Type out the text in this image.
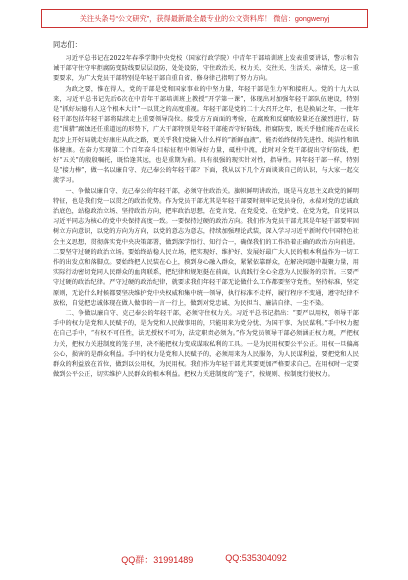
关注头条号“公文研究”，获得最新最全最专业的公文资料库！ 微信：gongwenyj

同志们：

习近平总书记在2022年春季学期中央党校（国家行政学院）中青年干部培训班上发表重要讲话，警示和告诫干部守住守牢拒腐防变防线要层层设防，处处设防，守住政治关、权力关、交往关、生活关、亲情关，这一重要要求，为广大党员干部特别是年轻干部自重自省、修身律己指明了努力方向。

为政之要，惟在得人，党的干部是党和国家事业的中坚力量，年轻干部是生力军和接班人。党的十九大以来，习近平总书记先后6次在中青年干部培训班上教授“开学第一课”，体现出对加强年轻干部队伍建设，特别是“抓好坛德有人这个根本大计”一以贯之的高度重视。年轻干部是党的二十大召开之年，也是换届之年，一批年轻干部包括年轻干部将陆续走上重要领导岗位。接受方方面面的考验，在腐败和反腐败较量还在激烈进行，防范“围猎”腐蚀还任重道远的形势下，广大干部特别是年轻干部能否守好防线，拒腐防变，既关乎他们能否在成长起步上开好局就走好康庄从政之路，更关乎我们党输入什么样的“新鲜血液”，能否始终保持先进性、纯洁性和肌体健康。在奋力实现第二个百年奋斗目标征程中领导好力量，砥柱中流，此时对全党干部提出守好防线，把好“五关”的殷殷嘱托，既恰逢其远，也是重期为前。具有很强的现实针对性，指导性。同年轻干部一样，特别是“接力棒”，做一名以廉自守、克己奉公的年轻干部？下面，我从以下几个方面谈谈自己的认识，与大家一起交流学习。

一、争做以廉自守、克己奉公的年轻干部，必须守住政治关。旗帜鲜明讲政治，既是马克思主义政党的鲜明特征，也是我们党一以贯之的政治优势。作为党员干部尤其是年轻干部要时刻牢记党员身份，永葆对党的忠诚政治底色，站稳政治立场、坚持政治方向，把牢政治思想，在党言党、在党爱党、在党护党、在党为党，自觉同以习近平同志为核心的党中央保持高度一致。一要保持过硬的政治方向。我们作为党员干部尤其是年轻干部要牢固树立方向意识，以党的方向为方向，以党的意志为意志，持续加强理论武装，深入学习习近平新时代中国特色社会主义思想，贯彻落实党中央决策部署，做到深学悟行、知行合一，确保我们的工作沿着正确的政治方向前进。二要坚守过硬的政治立场。要始终站稳人民立场，把实现好、维护好、发展好最广大人民的根本利益作为一切工作的出发点和落脚点。要始终把人民装在心上，摸到身心融入群众，紧紧依靠群众，在解决问题中凝聚力量，用实际行动密切党同人民群众的血肉联系，把纪律和规矩挺在前面，认真践行全心全意为人民服务的宗旨。三要严守过硬的政治纪律。严守过硬的政治纪律，就要求我们年轻干部无论做什么工作都要坚守党性，坚持标准，坚定原则，无论什么时候都要坚决维护党中央权威和集中统一领导，执行标准不走样，履行程序不变通，遵守纪律不放松，自觉把忠诚体现在做人做事的一言一行上，做到对党忠诚、为民担当、廉洁自律、一尘不染。

二、争做以廉自守、克己奉公的年轻干部，必须守住权力关。习近平总书记指出：“要严以用权，领导干部手中的权力是党和人民赋予的，是为党和人民做事用的，只能用来为党分忧、为国干事、为民谋利。”手中权力握在自己手中，“有权不可任性，法无授权不可为，法定职责必须为。”作为党员领导干部必须涵正权力观，严把权力关，把权力关进制度的笼子里，决不能把权力变成谋取私利的工具。一是为民用权要公平公正。用权一旦偏离公心，损害的是群众利益。手中的权力是党和人民赋予的，必须用来为人民服务，为人民谋利益，要把党和人民群众的利益放在首位，做到以公用权，为民用权。我们作为年轻干部尤其要更加严格要求自己，在用权时一定要做到公平公正，切实维护人民群众的根本利益。把权力关进制度的“笼子”，按规则、按制度行使权力。

QQ群：31991489	QQ:535304092
